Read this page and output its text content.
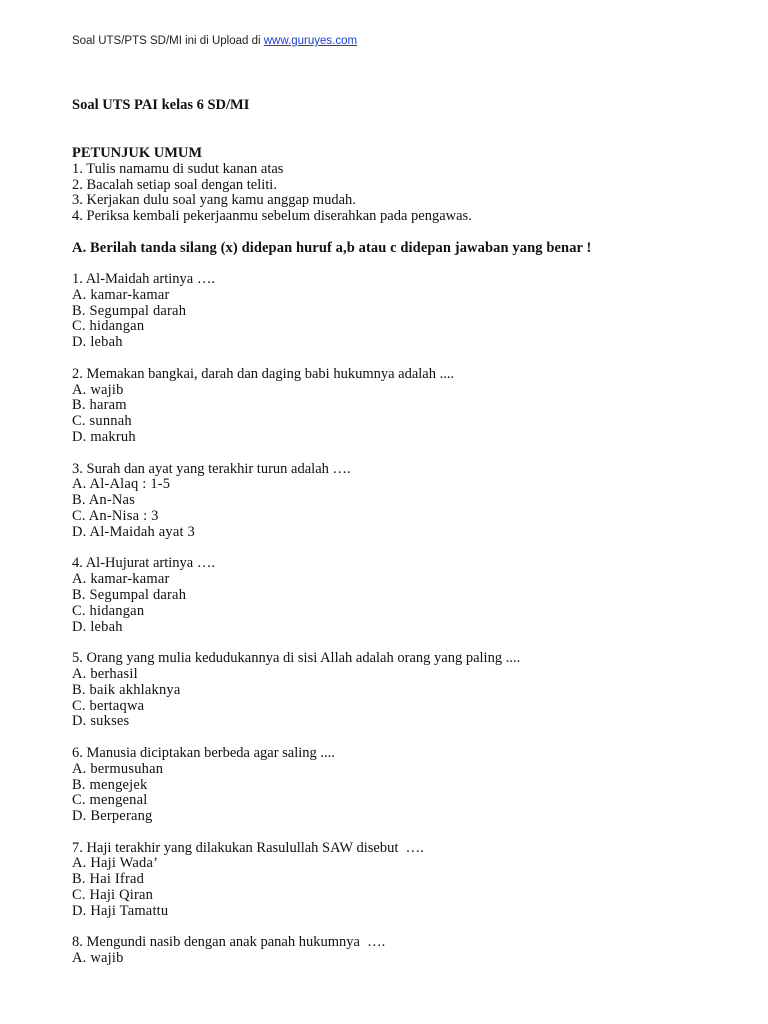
Soal UTS/PTS SD/MI ini di Upload di www.guruyes.com
Soal UTS PAI kelas 6 SD/MI
PETUNJUK UMUM
1. Tulis namamu di sudut kanan atas
2. Bacalah setiap soal dengan teliti.
3. Kerjakan dulu soal yang kamu anggap mudah.
4. Periksa kembali pekerjaanmu sebelum diserahkan pada pengawas.
A. Berilah tanda silang (x) didepan huruf a,b atau c didepan jawaban yang benar !
1. Al-Maidah artinya ….
A. kamar-kamar
B. Segumpal darah
C. hidangan
D. lebah
2. Memakan bangkai, darah dan daging babi hukumnya adalah ....
A. wajib
B. haram
C. sunnah
D. makruh
3. Surah dan ayat yang terakhir turun adalah ….
A. Al-Alaq : 1-5
B. An-Nas
C. An-Nisa : 3
D. Al-Maidah ayat 3
4. Al-Hujurat artinya ….
A. kamar-kamar
B. Segumpal darah
C. hidangan
D. lebah
5. Orang yang mulia kedudukannya di sisi Allah adalah orang yang paling ....
A. berhasil
B. baik akhlaknya
C. bertaqwa
D. sukses
6. Manusia diciptakan berbeda agar saling ....
A. bermusuhan
B. mengejek
C. mengenal
D. Berperang
7. Haji terakhir yang dilakukan Rasulullah SAW disebut  ….
A. Haji Wada’
B. Hai Ifrad
C. Haji Qiran
D. Haji Tamattu
8. Mengundi nasib dengan anak panah hukumnya  ….
A. wajib
